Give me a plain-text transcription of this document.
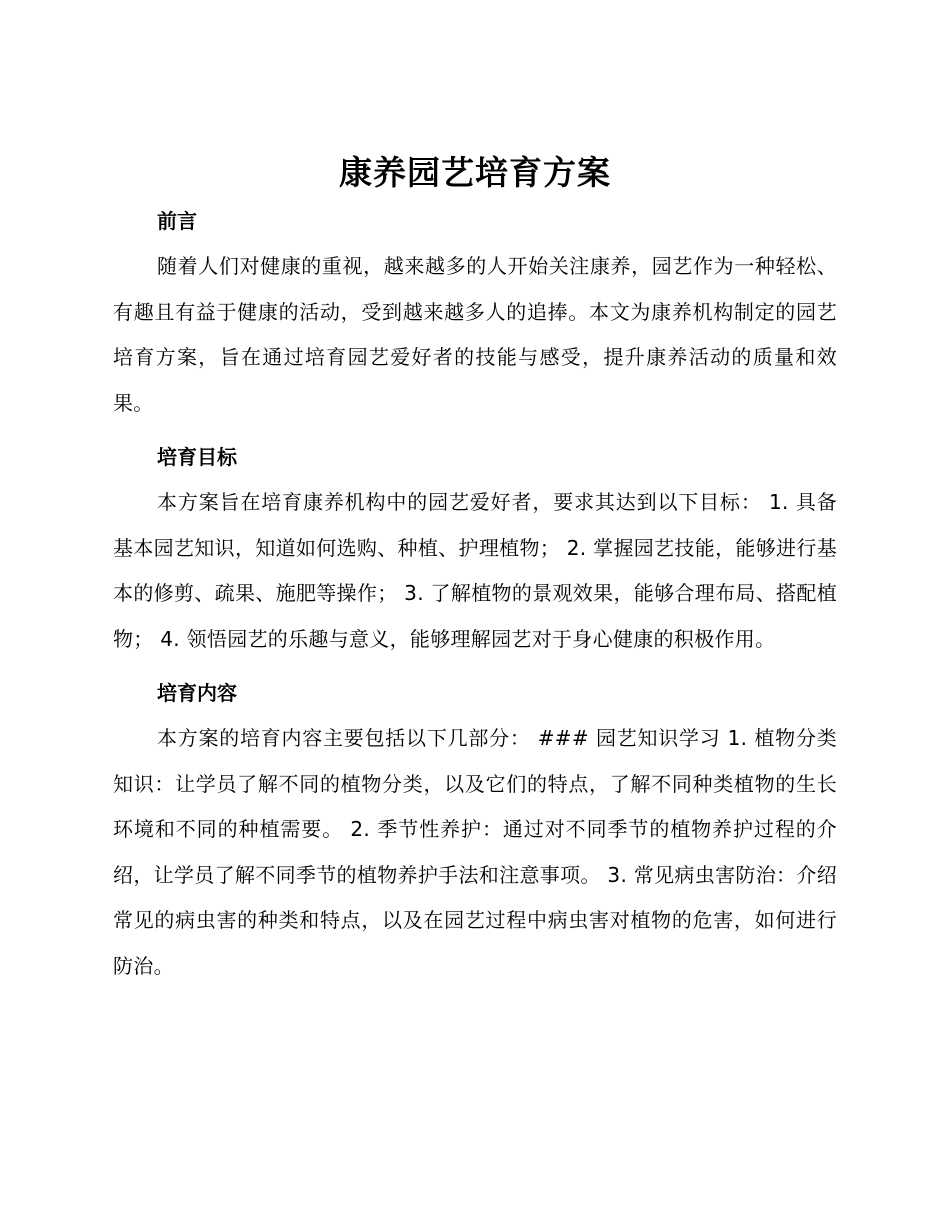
康养园艺培育方案
前言

随着人们对健康的重视，越来越多的人开始关注康养，园艺作为一种轻松、有趣且有益于健康的活动，受到越来越多人的追捧。本文为康养机构制定的园艺培育方案，旨在通过培育园艺爱好者的技能与感受，提升康养活动的质量和效果。

培育目标

本方案旨在培育康养机构中的园艺爱好者，要求其达到以下目标： 1. 具备基本园艺知识，知道如何选购、种植、护理植物； 2. 掌握园艺技能，能够进行基本的修剪、疏果、施肥等操作； 3. 了解植物的景观效果，能够合理布局、搭配植物； 4. 领悟园艺的乐趣与意义，能够理解园艺对于身心健康的积极作用。

培育内容

本方案的培育内容主要包括以下几部分： ### 园艺知识学习 1. 植物分类知识：让学员了解不同的植物分类，以及它们的特点，了解不同种类植物的生长环境和不同的种植需要。 2. 季节性养护：通过对不同季节的植物养护过程的介绍，让学员了解不同季节的植物养护手法和注意事项。 3. 常见病虫害防治：介绍常见的病虫害的种类和特点，以及在园艺过程中病虫害对植物的危害，如何进行防治。
